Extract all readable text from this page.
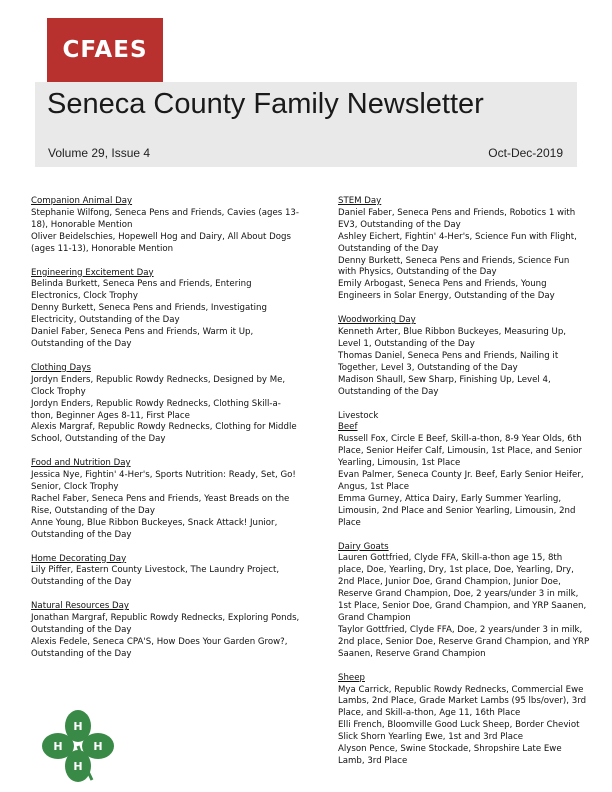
CFAES
Seneca County Family Newsletter
Volume 29, Issue 4	Oct-Dec-2019
Companion Animal Day
Stephanie Wilfong, Seneca Pens and Friends, Cavies (ages 13-18), Honorable Mention
Oliver Beidelschies, Hopewell Hog and Dairy, All About Dogs (ages 11-13), Honorable Mention
Engineering Excitement Day
Belinda Burkett, Seneca Pens and Friends, Entering Electronics, Clock Trophy
Denny Burkett, Seneca Pens and Friends, Investigating Electricity, Outstanding of the Day
Daniel Faber, Seneca Pens and Friends, Warm it Up, Outstanding of the Day
Clothing Days
Jordyn Enders, Republic Rowdy Rednecks, Designed by Me, Clock Trophy
Jordyn Enders, Republic Rowdy Rednecks, Clothing Skill-a-thon, Beginner Ages 8-11, First Place
Alexis Margraf, Republic Rowdy Rednecks, Clothing for Middle School, Outstanding of the Day
Food and Nutrition Day
Jessica Nye, Fightin' 4-Her's, Sports Nutrition: Ready, Set, Go! Senior, Clock Trophy
Rachel Faber, Seneca Pens and Friends, Yeast Breads on the Rise, Outstanding of the Day
Anne Young, Blue Ribbon Buckeyes, Snack Attack! Junior, Outstanding of the Day
Home Decorating Day
Lily Piffer, Eastern County Livestock, The Laundry Project, Outstanding of the Day
Natural Resources Day
Jonathan Margraf, Republic Rowdy Rednecks, Exploring Ponds, Outstanding of the Day
Alexis Fedele, Seneca CPA'S, How Does Your Garden Grow?, Outstanding of the Day
STEM Day
Daniel Faber, Seneca Pens and Friends, Robotics 1 with EV3, Outstanding of the Day
Ashley Eichert, Fightin' 4-Her's, Science Fun with Flight, Outstanding of the Day
Denny Burkett, Seneca Pens and Friends, Science Fun with Physics, Outstanding of the Day
Emily Arbogast, Seneca Pens and Friends, Young Engineers in Solar Energy, Outstanding of the Day
Woodworking Day
Kenneth Arter, Blue Ribbon Buckeyes, Measuring Up, Level 1, Outstanding of the Day
Thomas Daniel, Seneca Pens and Friends, Nailing it Together, Level 3, Outstanding of the Day
Madison Shaull, Sew Sharp, Finishing Up, Level 4, Outstanding of the Day
Livestock
Beef
Russell Fox, Circle E Beef, Skill-a-thon, 8-9 Year Olds, 6th Place, Senior Heifer Calf, Limousin, 1st Place, and Senior Yearling, Limousin, 1st Place
Evan Palmer, Seneca County Jr. Beef, Early Senior Heifer, Angus, 1st Place
Emma Gurney, Attica Dairy, Early Summer Yearling, Limousin, 2nd Place and Senior Yearling, Limousin, 2nd Place
Dairy Goats
Lauren Gottfried, Clyde FFA, Skill-a-thon age 15, 8th place, Doe, Yearling, Dry, 1st place, Doe, Yearling, Dry, 2nd Place, Junior Doe, Grand Champion, Junior Doe, Reserve Grand Champion, Doe, 2 years/under 3 in milk, 1st Place, Senior Doe, Grand Champion, and YRP Saanen, Grand Champion
Taylor Gottfried, Clyde FFA, Doe, 2 years/under 3 in milk, 2nd place, Senior Doe, Reserve Grand Champion, and YRP Saanen, Reserve Grand Champion
Sheep
Mya Carrick, Republic Rowdy Rednecks, Commercial Ewe Lambs, 2nd Place, Grade Market Lambs (95 lbs/over), 3rd Place, and Skill-a-thon, Age 11, 16th Place
Elli French, Bloomville Good Luck Sheep, Border Cheviot Slick Shorn Yearling Ewe, 1st and 3rd Place
Alyson Pence, Swine Stockade, Shropshire Late Ewe Lamb, 3rd Place
H
H
H	H
